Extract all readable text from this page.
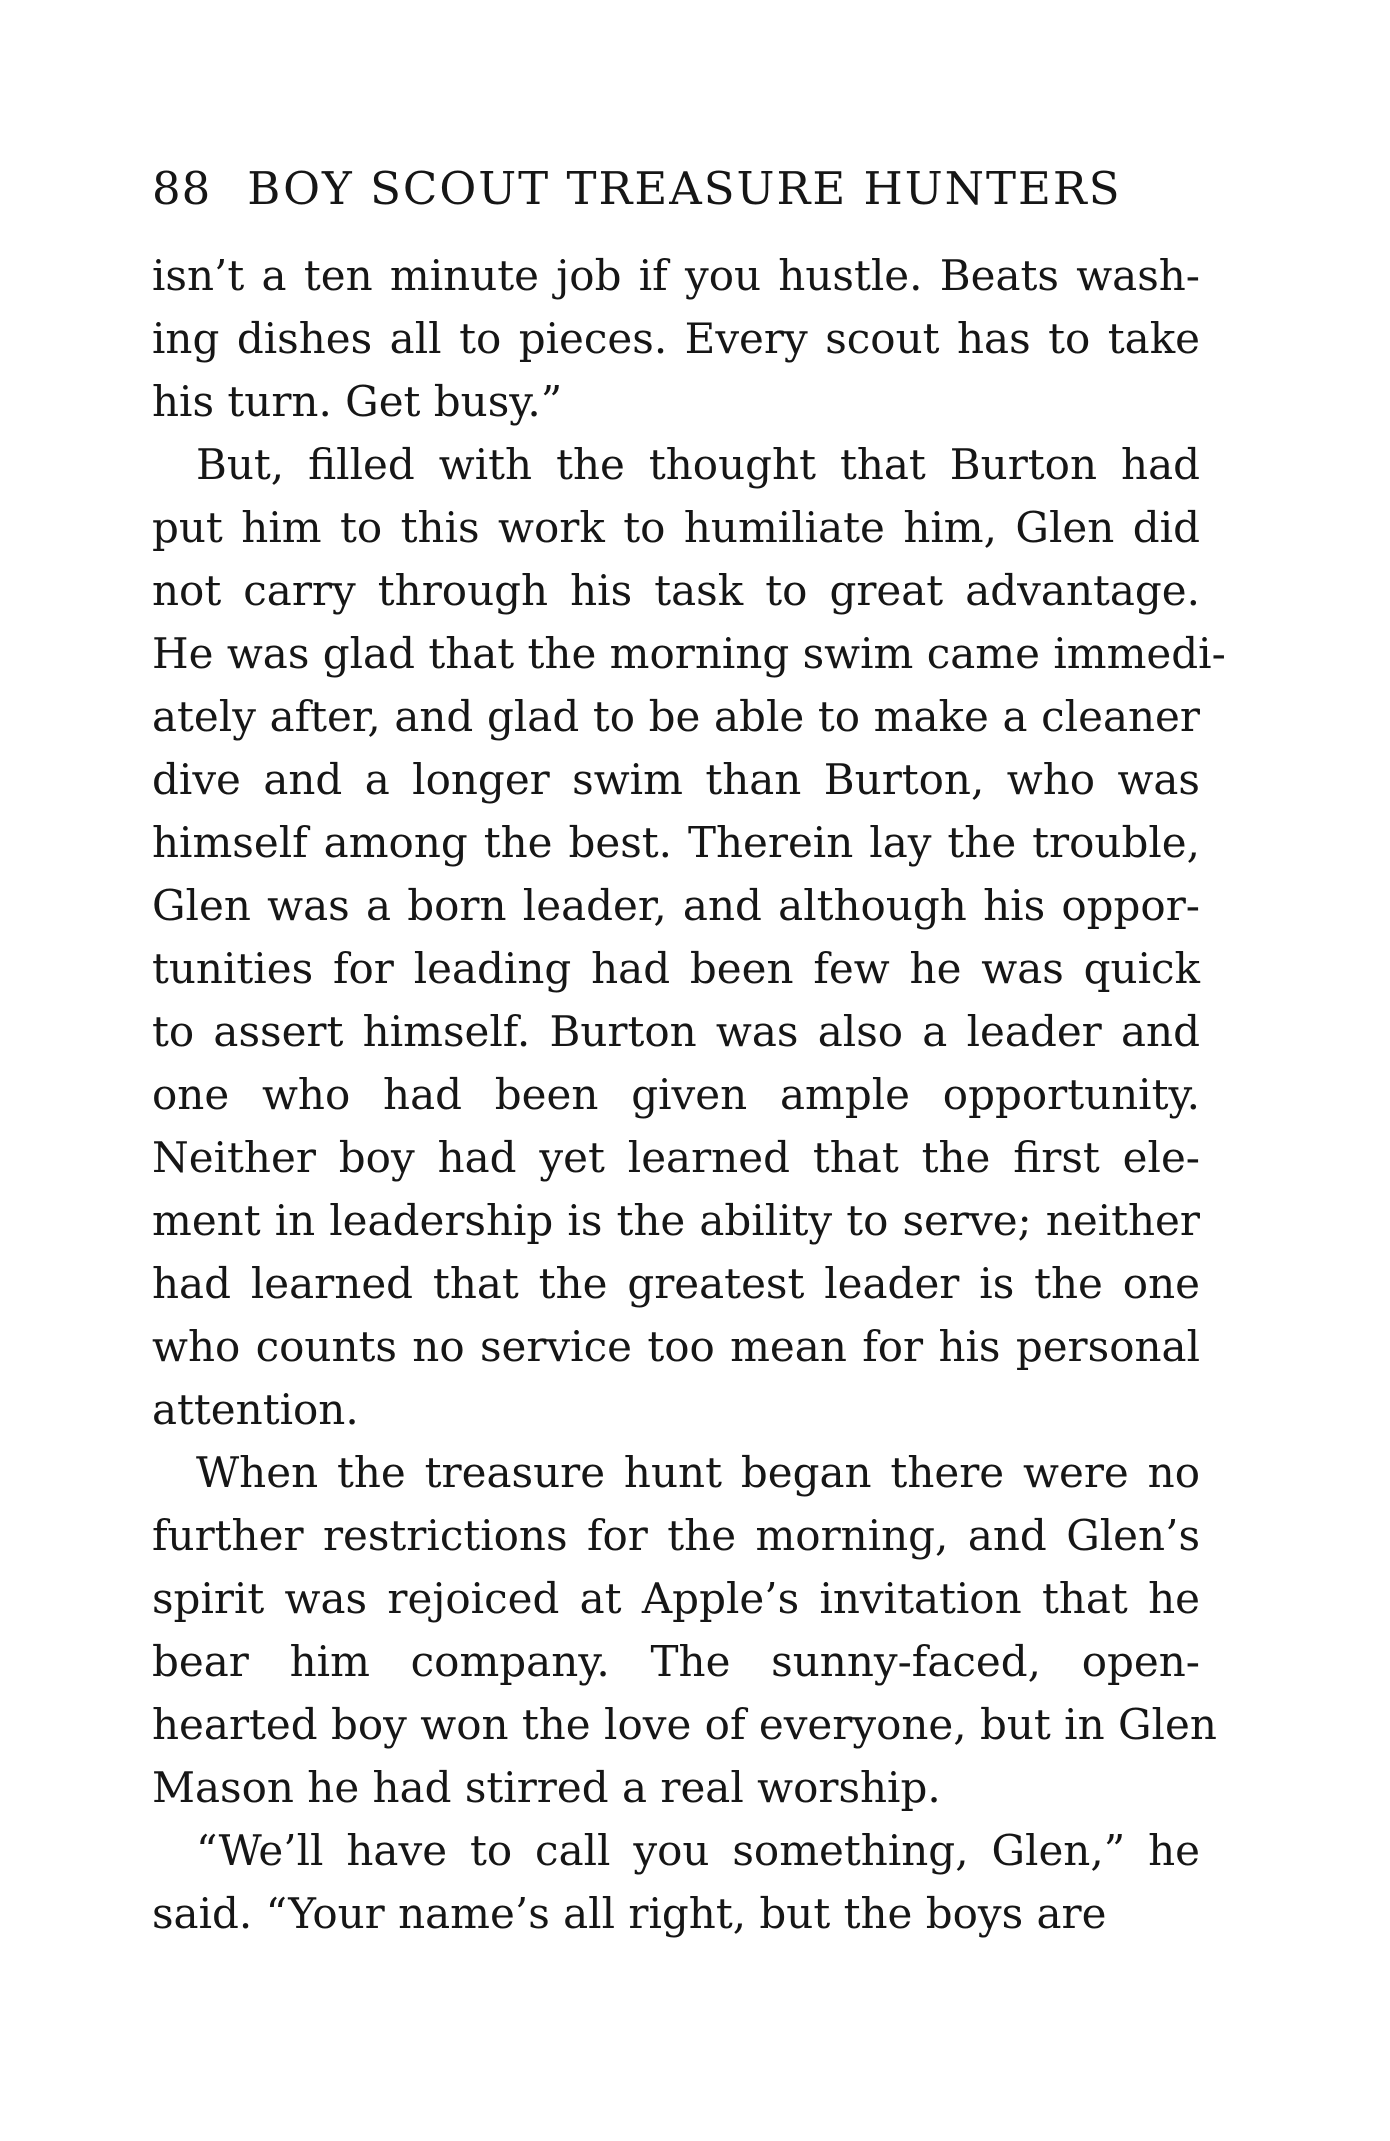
88 BOY SCOUT TREASURE HUNTERS
isn’t a ten minute job if you hustle. Beats wash-
ing dishes all to pieces. Every scout has to take
his turn. Get busy.”
But, filled with the thought that Burton had
put him to this work to humiliate him, Glen did
not carry through his task to great advantage.
He was glad that the morning swim came immedi-
ately after, and glad to be able to make a cleaner
dive and a longer swim than Burton, who was
himself among the best. Therein lay the trouble,
Glen was a born leader, and although his oppor-
tunities for leading had been few he was quick
to assert himself. Burton was also a leader and
one who had been given ample opportunity.
Neither boy had yet learned that the first ele-
ment in leadership is the ability to serve; neither
had learned that the greatest leader is the one
who counts no service too mean for his personal
attention.
When the treasure hunt began there were no
further restrictions for the morning, and Glen’s
spirit was rejoiced at Apple’s invitation that he
bear him company. The sunny-faced, open-
hearted boy won the love of everyone, but in Glen
Mason he had stirred a real worship.
“We’ll have to call you something, Glen,” he
said. “Your name’s all right, but the boys are
